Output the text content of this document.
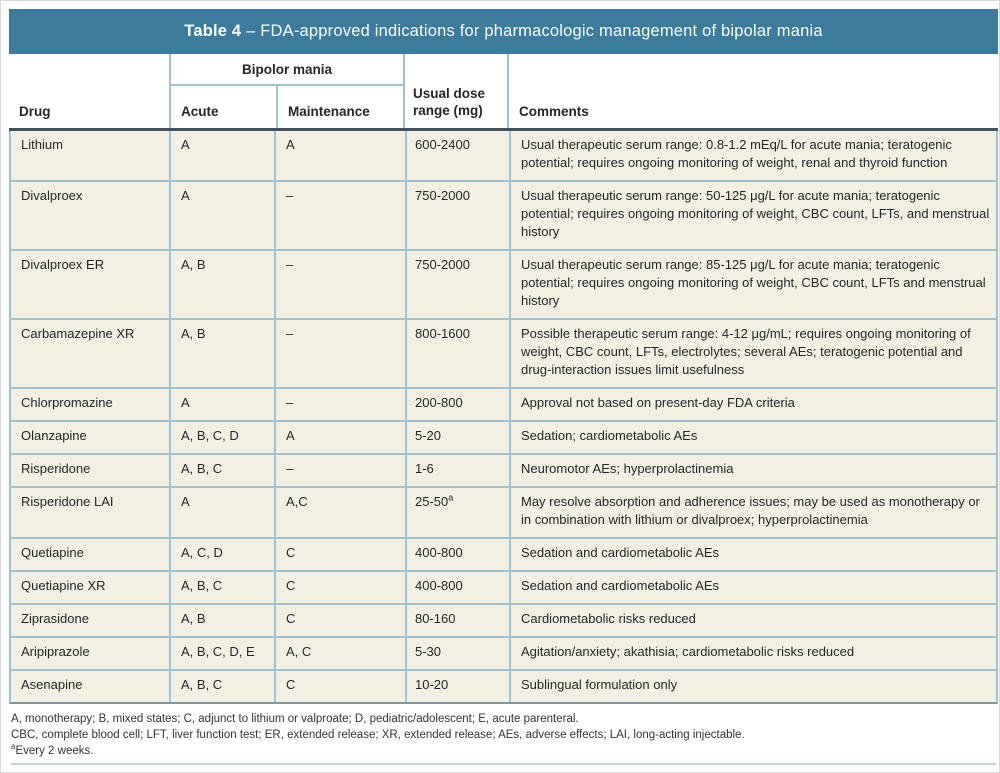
Table 4 – FDA-approved indications for pharmacologic management of bipolar mania
Drug
Bipolor mania
Acute	Maintenance
Usual dose range (mg)	Comments
Lithium	A	A	600-2400	Usual therapeutic serum range: 0.8-1.2 mEq/L for acute mania; teratogenic potential; requires ongoing monitoring of weight, renal and thyroid function
Divalproex	A	–	750-2000	Usual therapeutic serum range: 50-125 μg/L for acute mania; teratogenic potential; requires ongoing monitoring of weight, CBC count, LFTs, and menstrual history
Divalproex ER	A, B	–	750-2000	Usual therapeutic serum range: 85-125 μg/L for acute mania; teratogenic potential; requires ongoing monitoring of weight, CBC count, LFTs and menstrual history
Carbamazepine XR	A, B	–	800-1600	Possible therapeutic serum range: 4-12 μg/mL; requires ongoing monitoring of weight, CBC count, LFTs, electrolytes; several AEs; teratogenic potential and drug-interaction issues limit usefulness
Chlorpromazine	A	–	200-800	Approval not based on present-day FDA criteria
Olanzapine	A, B, C, D	A	5-20	Sedation; cardiometabolic AEs
Risperidone	A, B, C	–	1-6	Neuromotor AEs; hyperprolactinemia
Risperidone LAI	A	A,C	25-50$^a$	May resolve absorption and adherence issues; may be used as monotherapy or in combination with lithium or divalproex; hyperprolactinemia
Quetiapine	A, C, D	C	400-800	Sedation and cardiometabolic AEs
Quetiapine XR	A, B, C	C	400-800	Sedation and cardiometabolic AEs
Ziprasidone	A, B	C	80-160	Cardiometabolic risks reduced
Aripiprazole	A, B, C, D, E	A, C	5-30	Agitation/anxiety; akathisia; cardiometabolic risks reduced
Asenapine	A, B, C	C	10-20	Sublingual formulation only
A, monotherapy; B, mixed states; C, adjunct to lithium or valproate; D, pediatric/adolescent; E, acute parenteral.
CBC, complete blood cell; LFT, liver function test; ER, extended release; XR, extended release; AEs, adverse effects; LAI, long-acting injectable.
$^a$Every 2 weeks.
